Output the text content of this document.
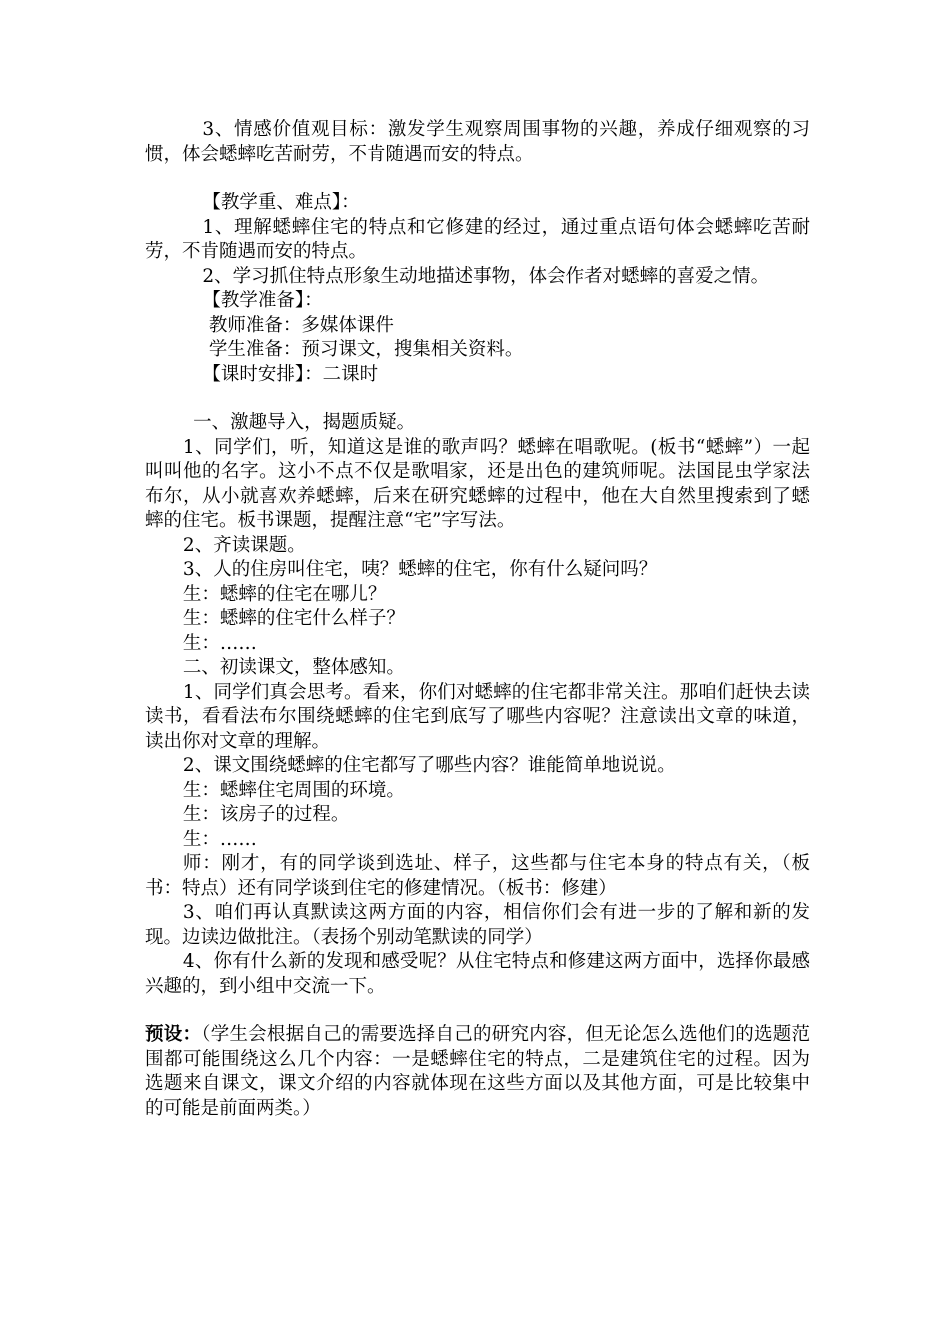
3、情感价值观目标：激发学生观察周围事物的兴趣，养成仔细观察的习惯，体会蟋蟀吃苦耐劳，不肯随遇而安的特点。

【教学重、难点】：

1、理解蟋蟀住宅的特点和它修建的经过，通过重点语句体会蟋蟀吃苦耐劳，不肯随遇而安的特点。

2、学习抓住特点形象生动地描述事物，体会作者对蟋蟀的喜爱之情。

【教学准备】：

教师准备：多媒体课件

学生准备：预习课文，搜集相关资料。

【课时安排】：二课时

一、激趣导入，揭题质疑。

1、同学们，听，知道这是谁的歌声吗？蟋蟀在唱歌呢。(板书“蟋蟀”）一起叫叫他的名字。这小不点不仅是歌唱家，还是出色的建筑师呢。法国昆虫学家法布尔，从小就喜欢养蟋蟀，后来在研究蟋蟀的过程中，他在大自然里搜索到了蟋蟀的住宅。板书课题，提醒注意“宅”字写法。

2、齐读课题。

3、人的住房叫住宅，咦？蟋蟀的住宅，你有什么疑问吗？

生：蟋蟀的住宅在哪儿？

生：蟋蟀的住宅什么样子？

生：……

二、初读课文，整体感知。

1、同学们真会思考。看来，你们对蟋蟀的住宅都非常关注。那咱们赶快去读读书，看看法布尔围绕蟋蟀的住宅到底写了哪些内容呢？注意读出文章的味道，读出你对文章的理解。

2、课文围绕蟋蟀的住宅都写了哪些内容？谁能简单地说说。

生：蟋蟀住宅周围的环境。

生：该房子的过程。

生：……

师：刚才，有的同学谈到选址、样子，这些都与住宅本身的特点有关，（板书：特点）还有同学谈到住宅的修建情况。（板书：修建）

3、咱们再认真默读这两方面的内容，相信你们会有进一步的了解和新的发现。边读边做批注。（表扬个别动笔默读的同学）

4、你有什么新的发现和感受呢？从住宅特点和修建这两方面中，选择你最感兴趣的，到小组中交流一下。

预设：（学生会根据自己的需要选择自己的研究内容，但无论怎么选他们的选题范围都可能围绕这么几个内容：一是蟋蟀住宅的特点，二是建筑住宅的过程。因为选题来自课文，课文介绍的内容就体现在这些方面以及其他方面，可是比较集中的可能是前面两类。）
